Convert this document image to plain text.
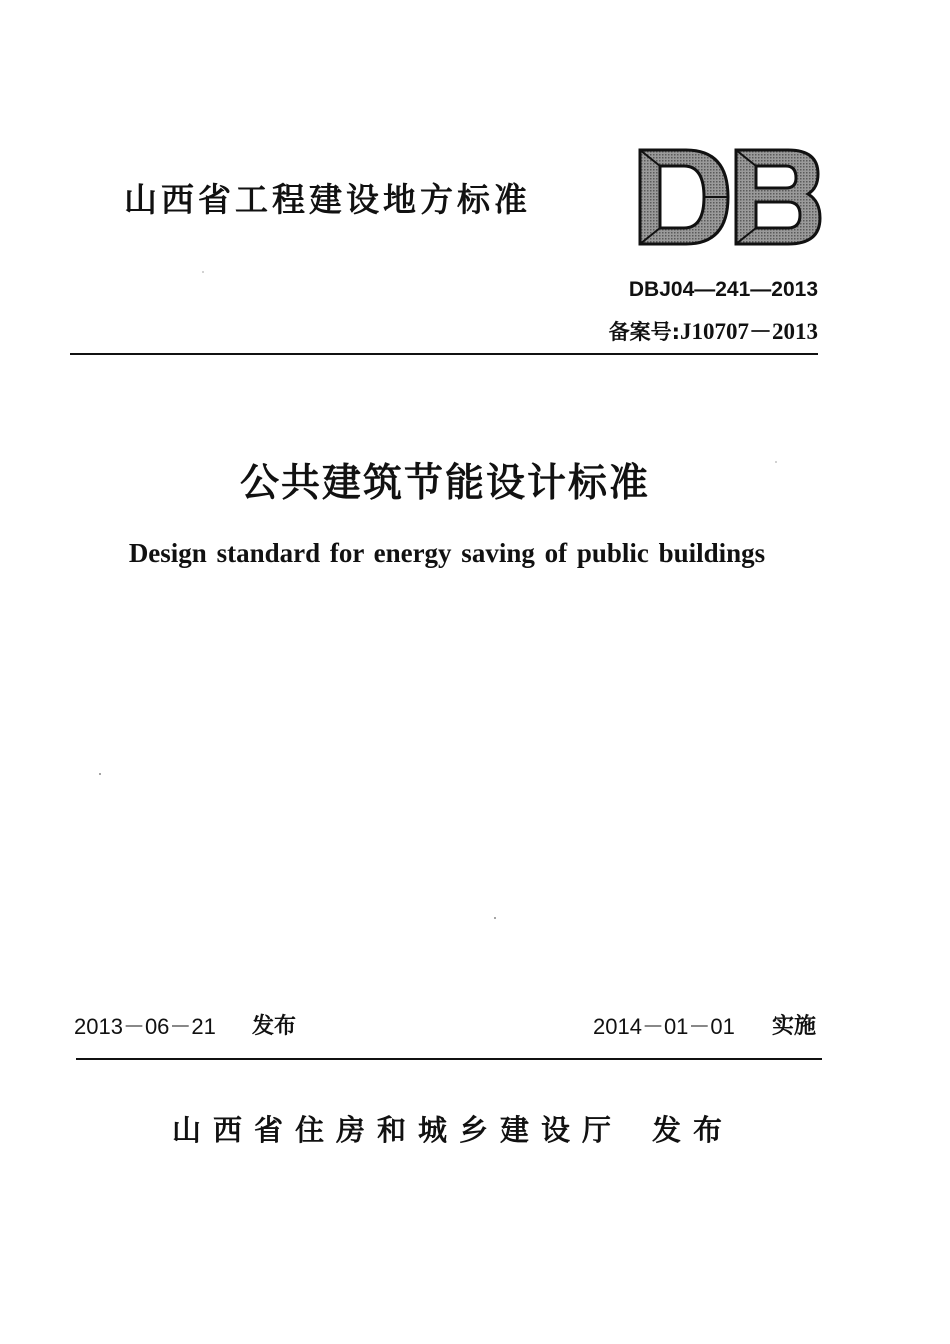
山西省工程建设地方标准
DBJ04—241—2013
备案号:J10707－2013
公共建筑节能设计标准
Design standard for energy saving of public buildings
2013－06－21 发布	2014－01－01 实施
山西省住房和城乡建设厅 发布
